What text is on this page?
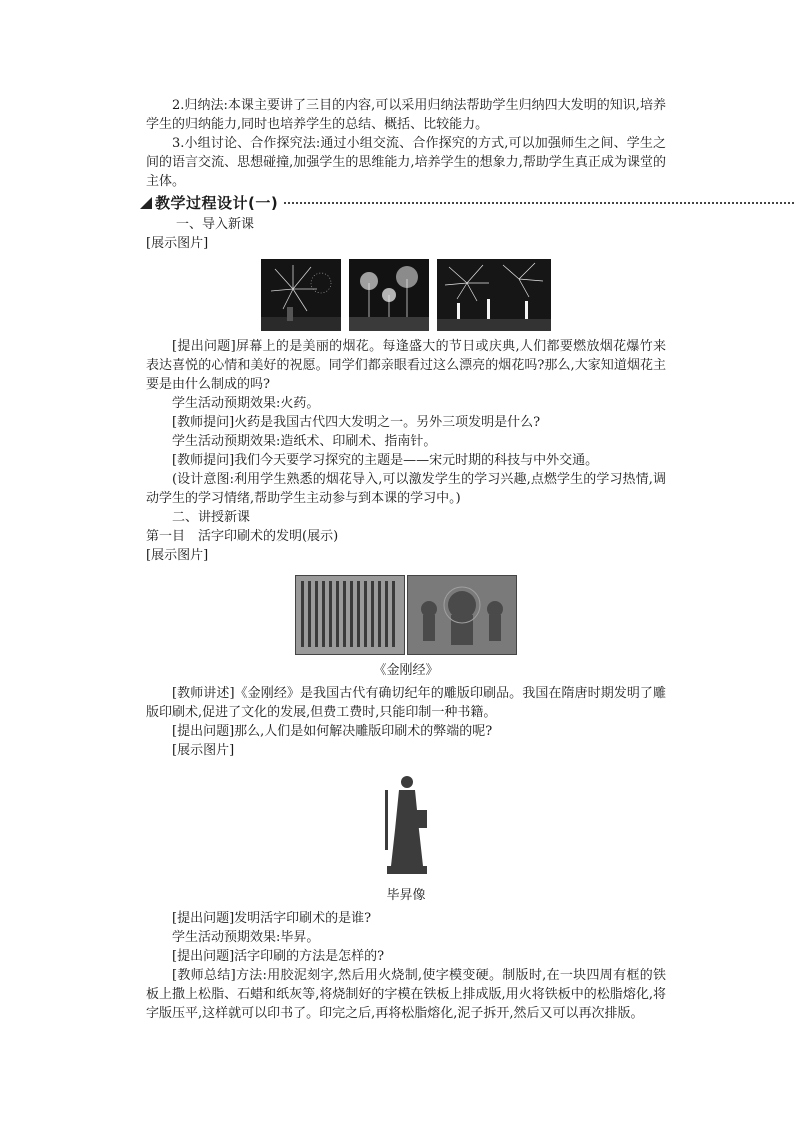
2.归纳法:本课主要讲了三目的内容,可以采用归纳法帮助学生归纳四大发明的知识,培养学生的归纳能力,同时也培养学生的总结、概括、比较能力。

3.小组讨论、合作探究法:通过小组交流、合作探究的方式,可以加强师生之间、学生之间的语言交流、思想碰撞,加强学生的思维能力,培养学生的想象力,帮助学生真正成为课堂的主体。

教学过程设计(一)

一、导入新课

[展示图片]

[提出问题]屏幕上的是美丽的烟花。每逢盛大的节日或庆典,人们都要燃放烟花爆竹来表达喜悦的心情和美好的祝愿。同学们都亲眼看过这么漂亮的烟花吗?那么,大家知道烟花主要是由什么制成的吗?

学生活动预期效果:火药。

[教师提问]火药是我国古代四大发明之一。另外三项发明是什么?

学生活动预期效果:造纸术、印刷术、指南针。

[教师提问]我们今天要学习探究的主题是——宋元时期的科技与中外交通。

(设计意图:利用学生熟悉的烟花导入,可以激发学生的学习兴趣,点燃学生的学习热情,调动学生的学习情绪,帮助学生主动参与到本课的学习中。)

二、讲授新课

第一目　活字印刷术的发明(展示)

[展示图片]

《金刚经》

[教师讲述]《金刚经》是我国古代有确切纪年的雕版印刷品。我国在隋唐时期发明了雕版印刷术,促进了文化的发展,但费工费时,只能印制一种书籍。

[提出问题]那么,人们是如何解决雕版印刷术的弊端的呢?

[展示图片]

毕昇像

[提出问题]发明活字印刷术的是谁?

学生活动预期效果:毕昇。

[提出问题]活字印刷的方法是怎样的?

[教师总结]方法:用胶泥刻字,然后用火烧制,使字模变硬。制版时,在一块四周有框的铁板上撒上松脂、石蜡和纸灰等,将烧制好的字模在铁板上排成版,用火将铁板中的松脂熔化,将字版压平,这样就可以印书了。印完之后,再将松脂熔化,泥子拆开,然后又可以再次排版。
